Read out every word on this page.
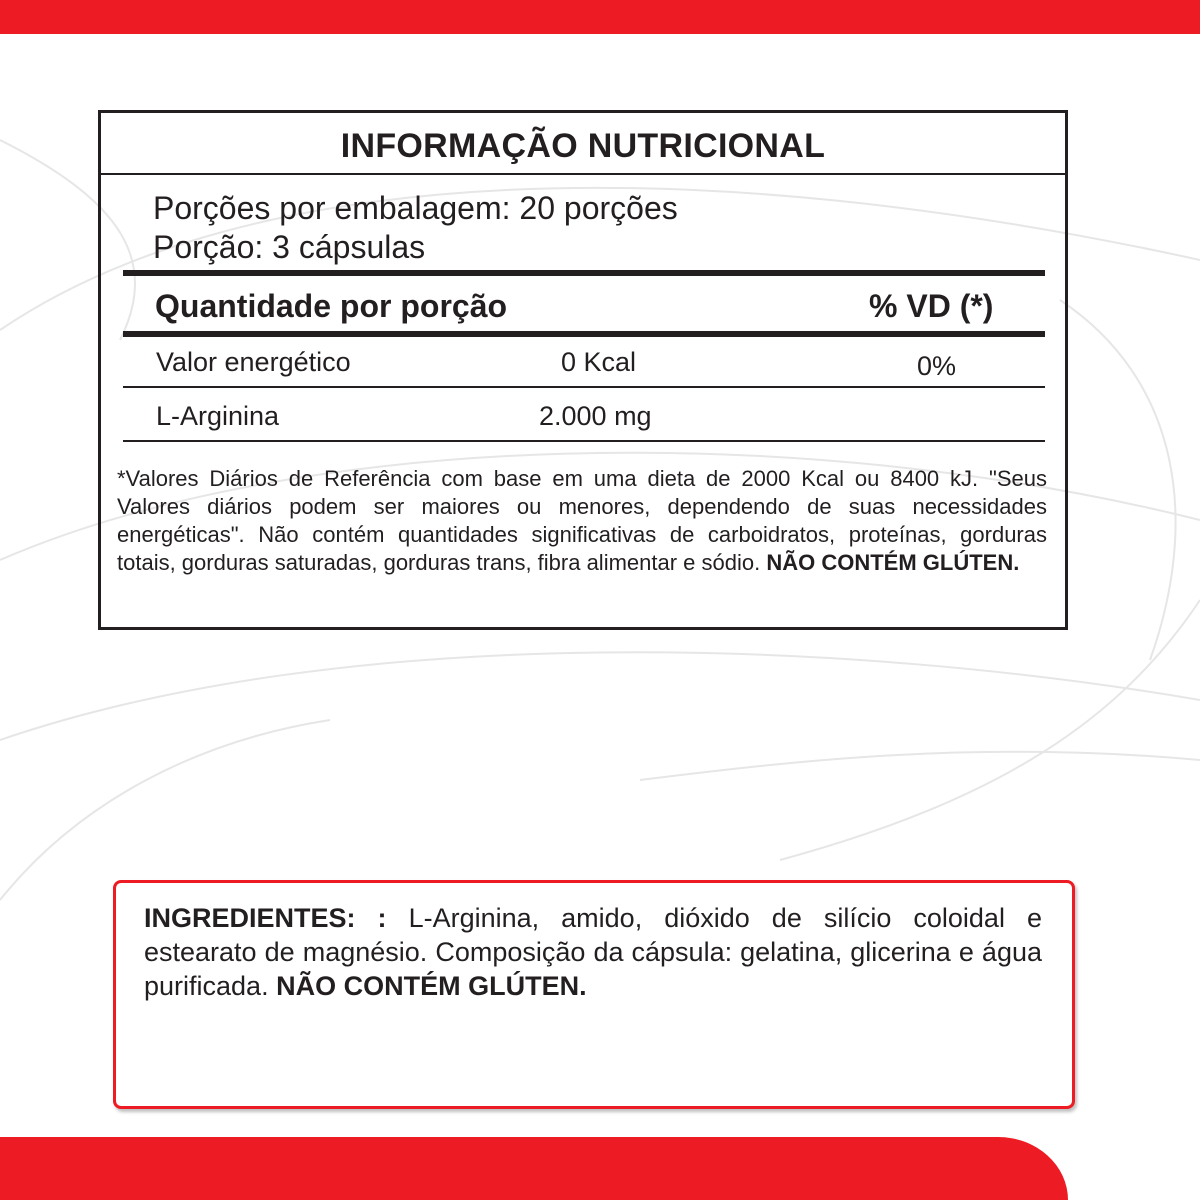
INFORMAÇÃO NUTRICIONAL
Porções por embalagem: 20 porções
Porção: 3 cápsulas
Quantidade por porção	% VD (*)
Valor energético	0 Kcal	0%
L-Arginina	2.000 mg
*Valores Diários de Referência com base em uma dieta de 2000 Kcal ou 8400 kJ. "Seus Valores diários podem ser maiores ou menores, dependendo de suas necessidades energéticas". Não contém quantidades significativas de carboidratos, proteínas, gorduras totais, gorduras saturadas, gorduras trans, fibra alimentar e sódio. NÃO CONTÉM GLÚTEN.
INGREDIENTES: : L-Arginina, amido, dióxido de silício coloidal e estearato de magnésio. Composição da cápsula: gelatina, glicerina e água purificada. NÃO CONTÉM GLÚTEN.
